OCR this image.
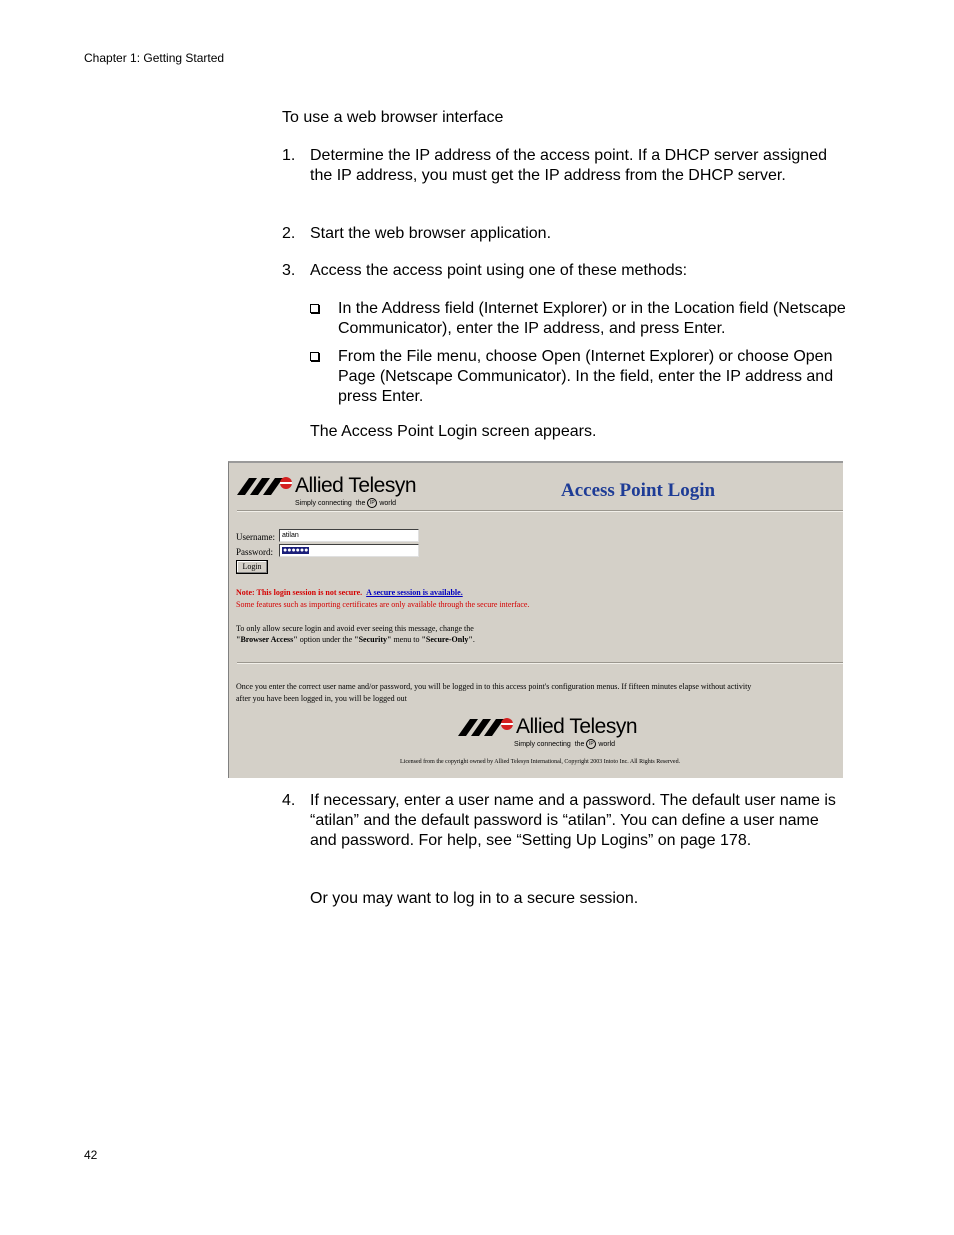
Chapter 1: Getting Started
To use a web browser interface
1. Determine the IP address of the access point. If a DHCP server assigned the IP address, you must get the IP address from the DHCP server.
2. Start the web browser application.
3. Access the access point using one of these methods:
In the Address field (Internet Explorer) or in the Location field (Netscape Communicator), enter the IP address, and press Enter.
From the File menu, choose Open (Internet Explorer) or choose Open Page (Netscape Communicator). In the field, enter the IP address and press Enter.
The Access Point Login screen appears.
Allied Telesyn
Simply connecting the IP world
Access Point Login
Username:	atilan
Password:	●●●●●●
Login
Note: This login session is not secure. A secure session is available.
Some features such as importing certificates are only available through the secure interface.
To only allow secure login and avoid ever seeing this message, change the
"Browser Access" option under the "Security" menu to "Secure-Only".
Once you enter the correct user name and/or password, you will be logged in to this access point's configuration menus. If fifteen minutes elapse without activity
after you have been logged in, you will be logged out
Allied Telesyn
Simply connecting the IP world
Licensed from the copyright owned by Allied Telesyn International, Copyright 2003 Intoto Inc. All Rights Reserved.
4. If necessary, enter a user name and a password. The default user name is “atilan” and the default password is “atilan”. You can define a user name and password. For help, see “Setting Up Logins” on page 178.
Or you may want to log in to a secure session.
42
